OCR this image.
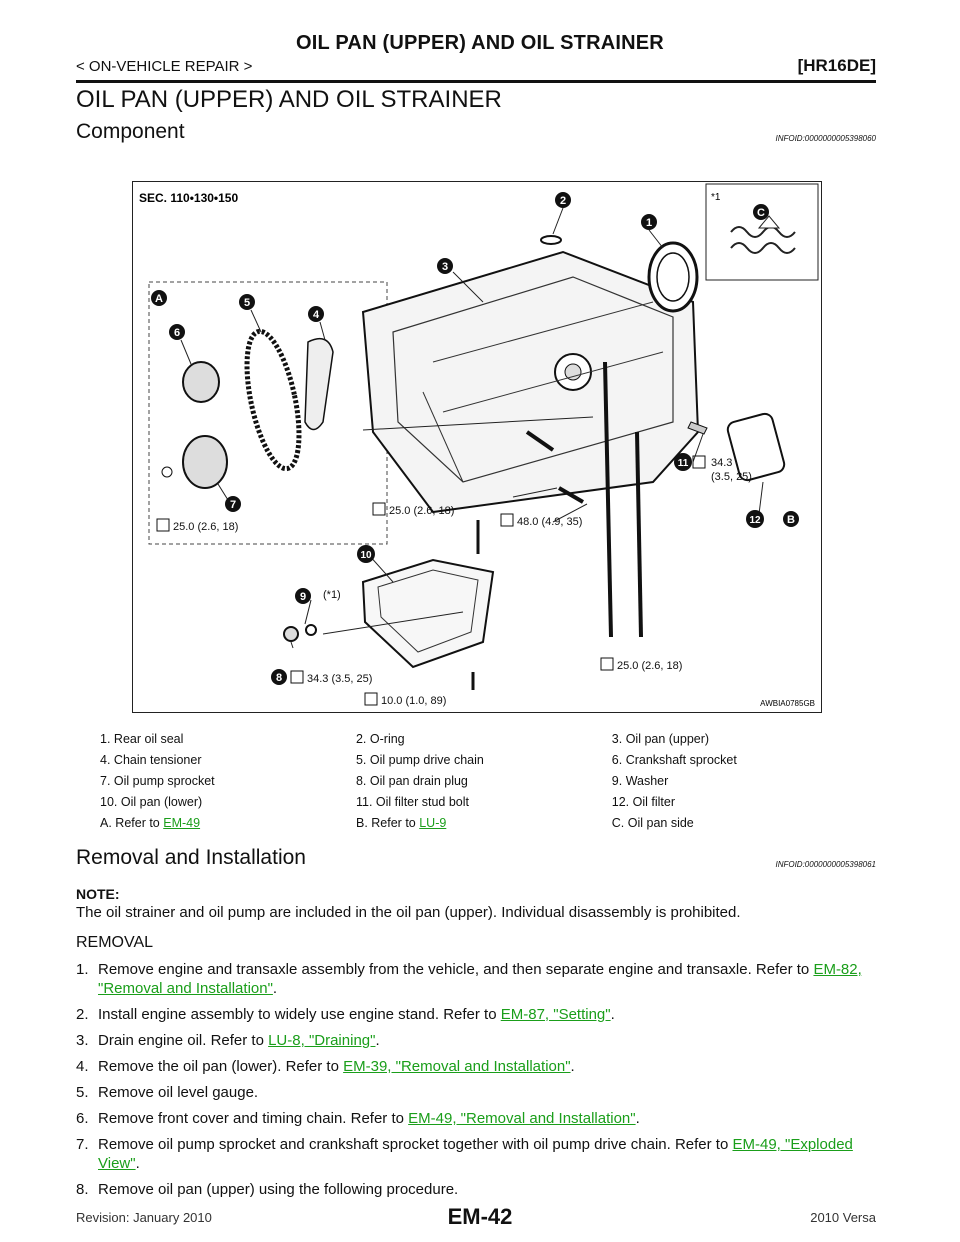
OIL PAN (UPPER) AND OIL STRAINER
< ON-VEHICLE REPAIR >	[HR16DE]
OIL PAN (UPPER) AND OIL STRAINER
Component	INFOID:0000000005398060
SEC. 110•130•150	*1
1
2
3
4
5
6
7
8
9
10
11
12
A
B
C
25.0 (2.6, 18)
25.0 (2.6, 18)
48.0 (4.9, 35)
34.3
(3.5, 25)
(*1)
34.3 (3.5, 25)
10.0 (1.0, 89)
25.0 (2.6, 18)
AWBIA0785GB
1. Rear oil seal	2. O-ring	3. Oil pan (upper)
4. Chain tensioner	5. Oil pump drive chain	6. Crankshaft sprocket
7. Oil pump sprocket	8. Oil pan drain plug	9. Washer
10. Oil pan (lower)	11. Oil filter stud bolt	12. Oil filter
A. Refer to EM-49	B. Refer to LU-9	C. Oil pan side
Removal and Installation	INFOID:0000000005398061
NOTE:
The oil strainer and oil pump are included in the oil pan (upper). Individual disassembly is prohibited.
REMOVAL
1. Remove engine and transaxle assembly from the vehicle, and then separate engine and transaxle. Refer to EM-82, "Removal and Installation".
2. Install engine assembly to widely use engine stand. Refer to EM-87, "Setting".
3. Drain engine oil. Refer to LU-8, "Draining".
4. Remove the oil pan (lower). Refer to EM-39, "Removal and Installation".
5. Remove oil level gauge.
6. Remove front cover and timing chain. Refer to EM-49, "Removal and Installation".
7. Remove oil pump sprocket and crankshaft sprocket together with oil pump drive chain. Refer to EM-49, "Exploded View".
8. Remove oil pan (upper) using the following procedure.
EM-42
Revision: January 2010	2010 Versa
